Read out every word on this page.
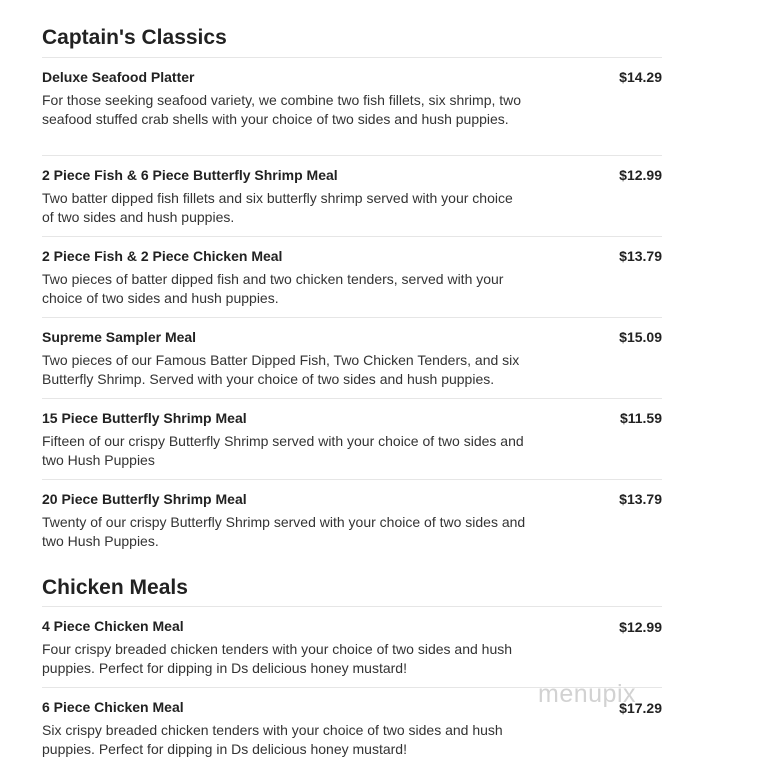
Captain's Classics
$14.29

Deluxe Seafood Platter

For those seeking seafood variety, we combine two fish fillets, six shrimp, two seafood stuffed crab shells with your choice of two sides and hush puppies.

$12.99

2 Piece Fish & 6 Piece Butterfly Shrimp Meal

Two batter dipped fish fillets and six butterfly shrimp served with your choice of two sides and hush puppies.

$13.79

2 Piece Fish & 2 Piece Chicken Meal

Two pieces of batter dipped fish and two chicken tenders, served with your choice of two sides and hush puppies.

$15.09

Supreme Sampler Meal

Two pieces of our Famous Batter Dipped Fish, Two Chicken Tenders, and six Butterfly Shrimp. Served with your choice of two sides and hush puppies.

$11.59

15 Piece Butterfly Shrimp Meal

Fifteen of our crispy Butterfly Shrimp served with your choice of two sides and two Hush Puppies

$13.79

20 Piece Butterfly Shrimp Meal

Twenty of our crispy Butterfly Shrimp served with your choice of two sides and two Hush Puppies.

Chicken Meals
$12.99

4 Piece Chicken Meal

Four crispy breaded chicken tenders with your choice of two sides and hush puppies. Perfect for dipping in Ds delicious honey mustard!

$17.29

6 Piece Chicken Meal

Six crispy breaded chicken tenders with your choice of two sides and hush puppies. Perfect for dipping in Ds delicious honey mustard!

menupix
